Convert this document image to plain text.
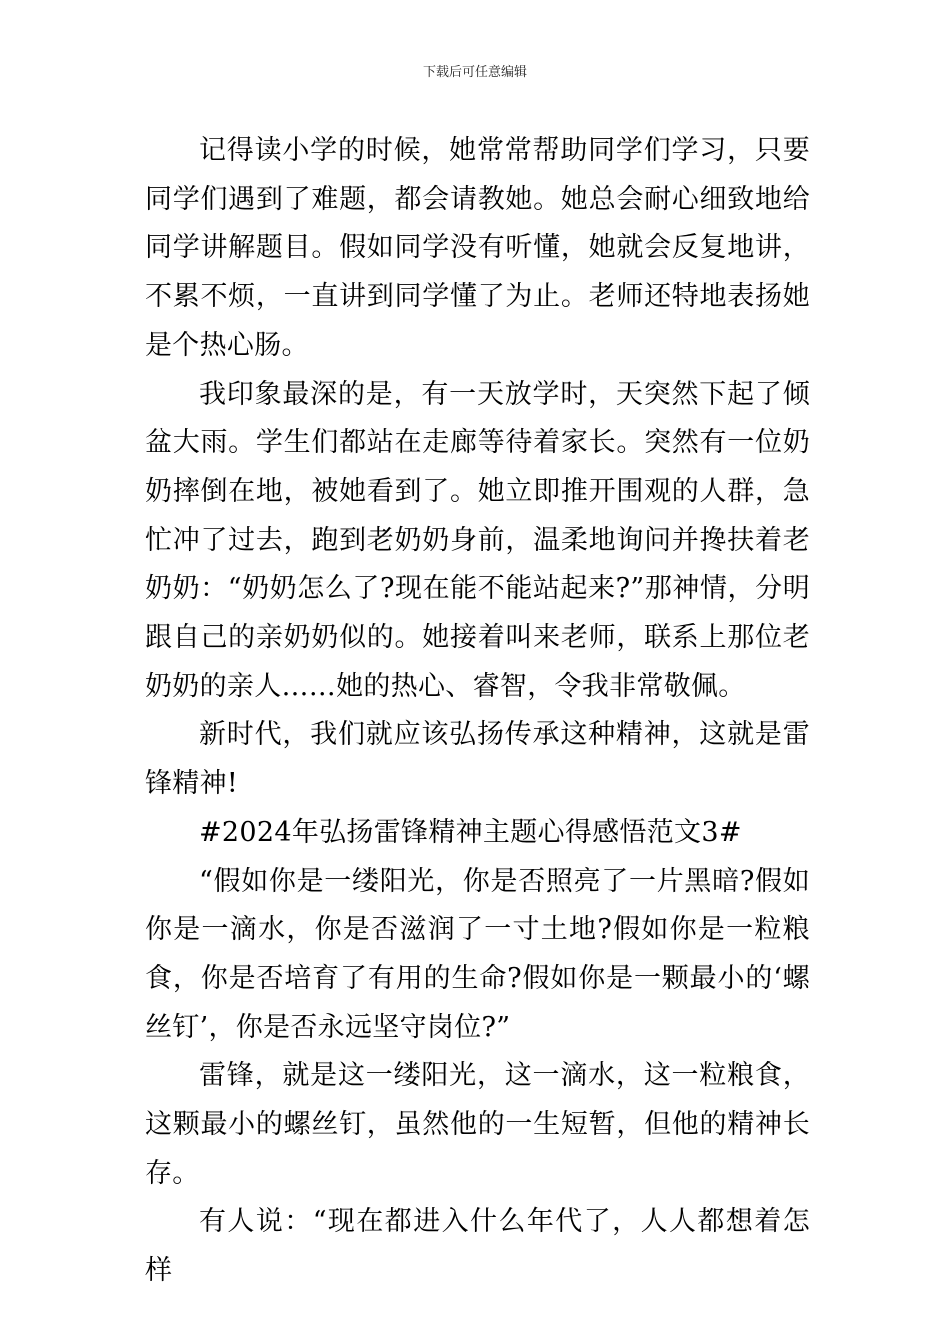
下载后可任意编辑

记得读小学的时候，她常常帮助同学们学习，只要同学们遇到了难题，都会请教她。她总会耐心细致地给同学讲解题目。假如同学没有听懂，她就会反复地讲，不累不烦，一直讲到同学懂了为止。老师还特地表扬她是个热心肠。

我印象最深的是，有一天放学时，天突然下起了倾盆大雨。学生们都站在走廊等待着家长。突然有一位奶奶摔倒在地，被她看到了。她立即推开围观的人群，急忙冲了过去，跑到老奶奶身前，温柔地询问并搀扶着老奶奶：“奶奶怎么了?现在能不能站起来?”那神情，分明跟自己的亲奶奶似的。她接着叫来老师，联系上那位老奶奶的亲人……她的热心、睿智，令我非常敬佩。

新时代，我们就应该弘扬传承这种精神，这就是雷锋精神!

#2024年弘扬雷锋精神主题心得感悟范文3#

“假如你是一缕阳光，你是否照亮了一片黑暗?假如你是一滴水，你是否滋润了一寸土地?假如你是一粒粮食，你是否培育了有用的生命?假如你是一颗最小的‘螺丝钉’，你是否永远坚守岗位?”

雷锋，就是这一缕阳光，这一滴水，这一粒粮食，这颗最小的螺丝钉，虽然他的一生短暂，但他的精神长存。

有人说：“现在都进入什么年代了，人人都想着怎样
